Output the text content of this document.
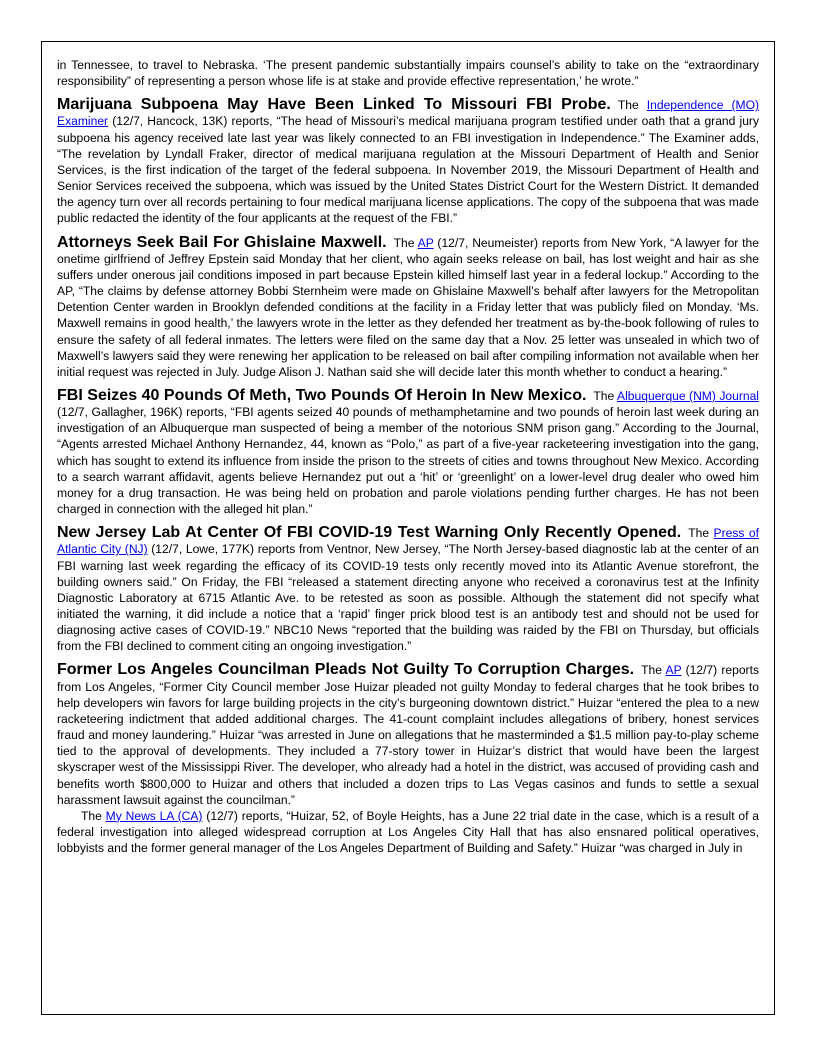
in Tennessee, to travel to Nebraska. ‘The present pandemic substantially impairs counsel’s ability to take on the “extraordinary responsibility” of representing a person whose life is at stake and provide effective representation,’ he wrote.”

Marijuana Subpoena May Have Been Linked To Missouri FBI Probe. The Independence (MO) Examiner (12/7, Hancock, 13K) reports, “The head of Missouri’s medical marijuana program testified under oath that a grand jury subpoena his agency received late last year was likely connected to an FBI investigation in Independence.” The Examiner adds, “The revelation by Lyndall Fraker, director of medical marijuana regulation at the Missouri Department of Health and Senior Services, is the first indication of the target of the federal subpoena. In November 2019, the Missouri Department of Health and Senior Services received the subpoena, which was issued by the United States District Court for the Western District. It demanded the agency turn over all records pertaining to four medical marijuana license applications. The copy of the subpoena that was made public redacted the identity of the four applicants at the request of the FBI.”

Attorneys Seek Bail For Ghislaine Maxwell. The AP (12/7, Neumeister) reports from New York, “A lawyer for the onetime girlfriend of Jeffrey Epstein said Monday that her client, who again seeks release on bail, has lost weight and hair as she suffers under onerous jail conditions imposed in part because Epstein killed himself last year in a federal lockup.” According to the AP, “The claims by defense attorney Bobbi Sternheim were made on Ghislaine Maxwell’s behalf after lawyers for the Metropolitan Detention Center warden in Brooklyn defended conditions at the facility in a Friday letter that was publicly filed on Monday. ‘Ms. Maxwell remains in good health,’ the lawyers wrote in the letter as they defended her treatment as by-the-book following of rules to ensure the safety of all federal inmates. The letters were filed on the same day that a Nov. 25 letter was unsealed in which two of Maxwell’s lawyers said they were renewing her application to be released on bail after compiling information not available when her initial request was rejected in July. Judge Alison J. Nathan said she will decide later this month whether to conduct a hearing.”

FBI Seizes 40 Pounds Of Meth, Two Pounds Of Heroin In New Mexico. The Albuquerque (NM) Journal (12/7, Gallagher, 196K) reports, “FBI agents seized 40 pounds of methamphetamine and two pounds of heroin last week during an investigation of an Albuquerque man suspected of being a member of the notorious SNM prison gang.” According to the Journal, “Agents arrested Michael Anthony Hernandez, 44, known as “Polo,” as part of a five-year racketeering investigation into the gang, which has sought to extend its influence from inside the prison to the streets of cities and towns throughout New Mexico. According to a search warrant affidavit, agents believe Hernandez put out a ‘hit’ or ‘greenlight’ on a lower-level drug dealer who owed him money for a drug transaction. He was being held on probation and parole violations pending further charges. He has not been charged in connection with the alleged hit plan.”

New Jersey Lab At Center Of FBI COVID-19 Test Warning Only Recently Opened. The Press of Atlantic City (NJ) (12/7, Lowe, 177K) reports from Ventnor, New Jersey, “The North Jersey-based diagnostic lab at the center of an FBI warning last week regarding the efficacy of its COVID-19 tests only recently moved into its Atlantic Avenue storefront, the building owners said.” On Friday, the FBI “released a statement directing anyone who received a coronavirus test at the Infinity Diagnostic Laboratory at 6715 Atlantic Ave. to be retested as soon as possible. Although the statement did not specify what initiated the warning, it did include a notice that a ‘rapid’ finger prick blood test is an antibody test and should not be used for diagnosing active cases of COVID-19.” NBC10 News “reported that the building was raided by the FBI on Thursday, but officials from the FBI declined to comment citing an ongoing investigation.”

Former Los Angeles Councilman Pleads Not Guilty To Corruption Charges. The AP (12/7) reports from Los Angeles, “Former City Council member Jose Huizar pleaded not guilty Monday to federal charges that he took bribes to help developers win favors for large building projects in the city’s burgeoning downtown district.” Huizar “entered the plea to a new racketeering indictment that added additional charges. The 41-count complaint includes allegations of bribery, honest services fraud and money laundering.” Huizar “was arrested in June on allegations that he masterminded a $1.5 million pay-to-play scheme tied to the approval of developments. They included a 77-story tower in Huizar’s district that would have been the largest skyscraper west of the Mississippi River. The developer, who already had a hotel in the district, was accused of providing cash and benefits worth $800,000 to Huizar and others that included a dozen trips to Las Vegas casinos and funds to settle a sexual harassment lawsuit against the councilman.”

The My News LA (CA) (12/7) reports, “Huizar, 52, of Boyle Heights, has a June 22 trial date in the case, which is a result of a federal investigation into alleged widespread corruption at Los Angeles City Hall that has also ensnared political operatives, lobbyists and the former general manager of the Los Angeles Department of Building and Safety.” Huizar “was charged in July in
